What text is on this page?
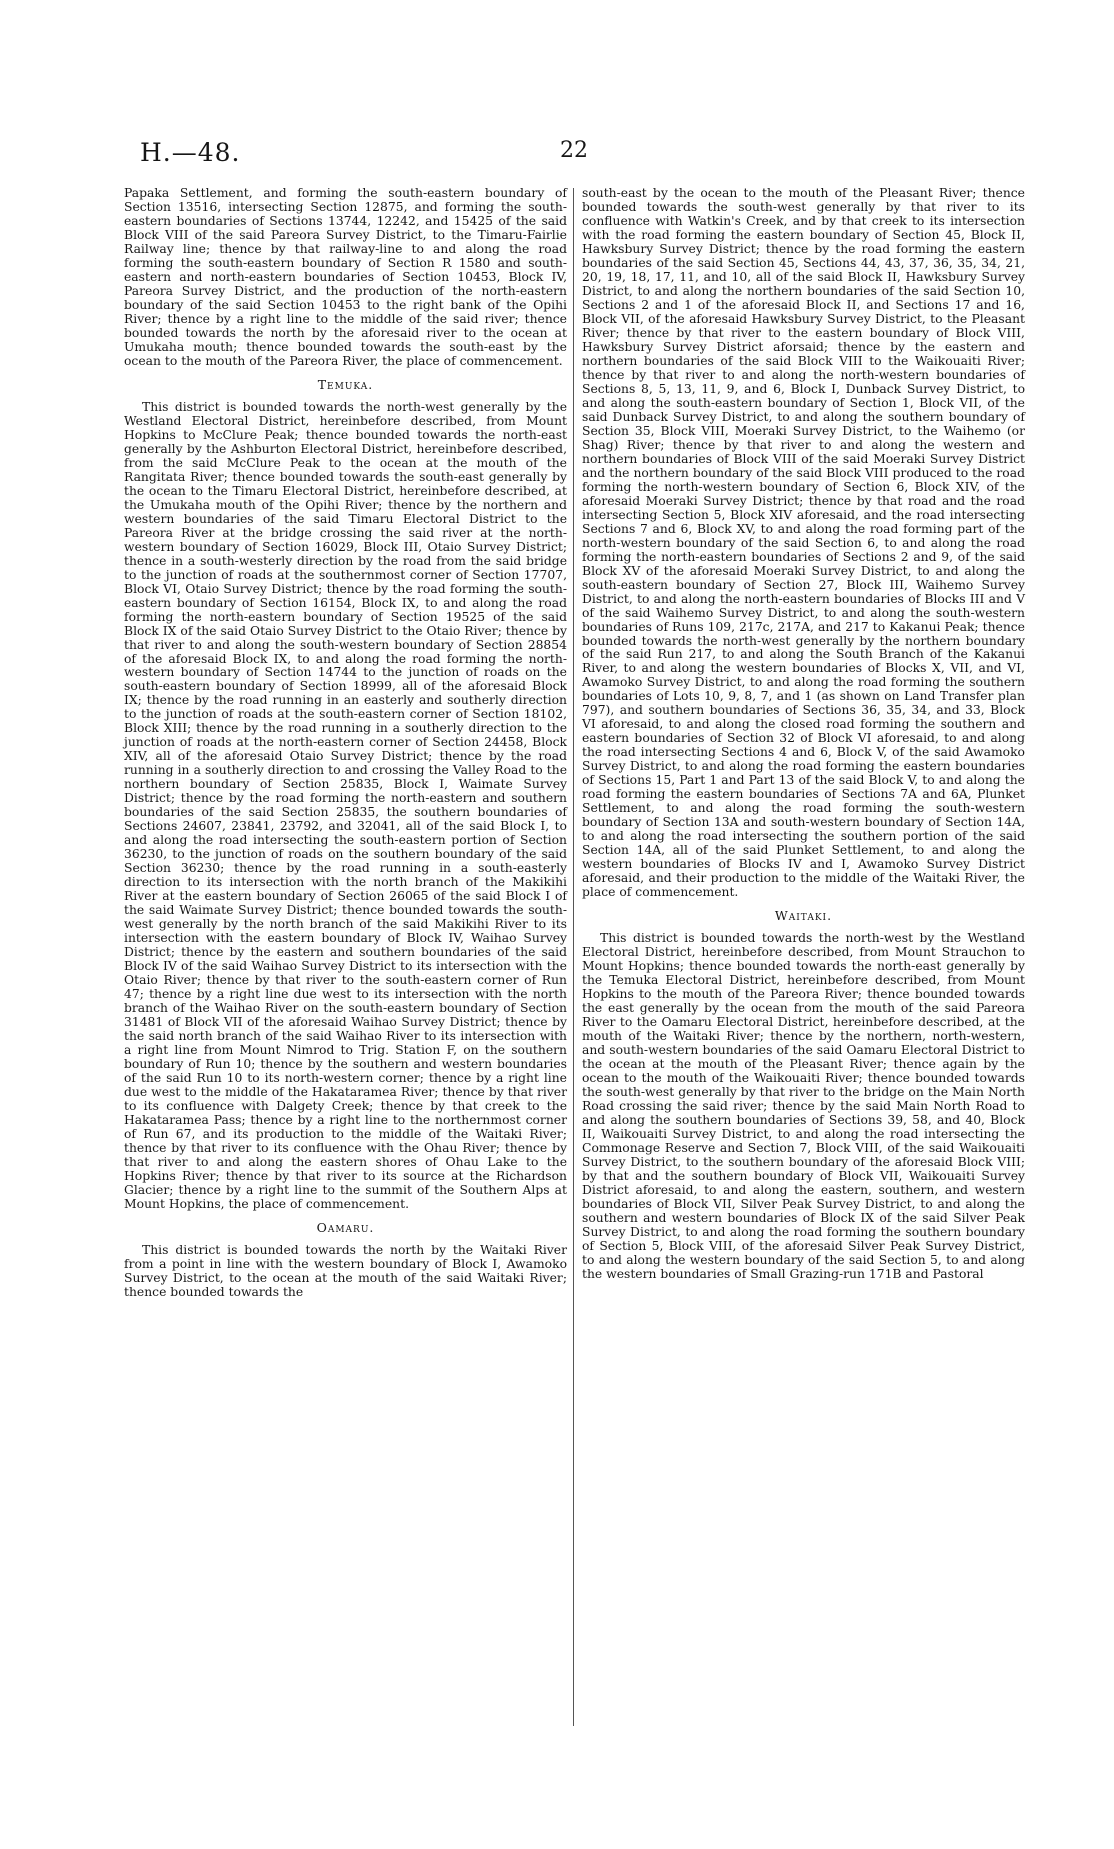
H.—48.	22

Papaka Settlement, and forming the south-eastern boundary of Section 13516, intersecting Section 12875, and forming the south-eastern boundaries of Sections 13744, 12242, and 15425 of the said Block VIII of the said Pareora Survey District, to the Timaru-Fairlie Railway line; thence by that railway-line to and along the road forming the south-eastern boundary of Section R 1580 and south-eastern and north-eastern boundaries of Section 10453, Block IV, Pareora Survey District, and the production of the north-eastern boundary of the said Section 10453 to the right bank of the Opihi River; thence by a right line to the middle of the said river; thence bounded towards the north by the aforesaid river to the ocean at Umukaha mouth; thence bounded towards the south-east by the ocean to the mouth of the Pareora River, the place of commencement.

Temuka.

This district is bounded towards the north-west generally by the Westland Electoral District, hereinbefore described, from Mount Hopkins to McClure Peak; thence bounded towards the north-east generally by the Ashburton Electoral District, hereinbefore described, from the said McClure Peak to the ocean at the mouth of the Rangitata River; thence bounded towards the south-east generally by the ocean to the Timaru Electoral District, hereinbefore described, at the Umukaha mouth of the Opihi River; thence by the northern and western boundaries of the said Timaru Electoral District to the Pareora River at the bridge crossing the said river at the north-western boundary of Section 16029, Block III, Otaio Survey District; thence in a south-westerly direction by the road from the said bridge to the junction of roads at the southernmost corner of Section 17707, Block VI, Otaio Survey District; thence by the road forming the south-eastern boundary of Section 16154, Block IX, to and along the road forming the north-eastern boundary of Section 19525 of the said Block IX of the said Otaio Survey District to the Otaio River; thence by that river to and along the south-western boundary of Section 28854 of the aforesaid Block IX, to and along the road forming the north-western boundary of Section 14744 to the junction of roads on the south-eastern boundary of Section 18999, all of the aforesaid Block IX; thence by the road running in an easterly and southerly direction to the junction of roads at the south-eastern corner of Section 18102, Block XIII; thence by the road running in a southerly direction to the junction of roads at the north-eastern corner of Section 24458, Block XIV, all of the aforesaid Otaio Survey District; thence by the road running in a southerly direction to and crossing the Valley Road to the northern boundary of Section 25835, Block I, Waimate Survey District; thence by the road forming the north-eastern and southern boundaries of the said Section 25835, the southern boundaries of Sections 24607, 23841, 23792, and 32041, all of the said Block I, to and along the road intersecting the south-eastern portion of Section 36230, to the junction of roads on the southern boundary of the said Section 36230; thence by the road running in a south-easterly direction to its intersection with the north branch of the Makikihi River at the eastern boundary of Section 26065 of the said Block I of the said Waimate Survey District; thence bounded towards the south-west generally by the north branch of the said Makikihi River to its intersection with the eastern boundary of Block IV, Waihao Survey District; thence by the eastern and southern boundaries of the said Block IV of the said Waihao Survey District to its intersection with the Otaio River; thence by that river to the south-eastern corner of Run 47; thence by a right line due west to its intersection with the north branch of the Waihao River on the south-eastern boundary of Section 31481 of Block VII of the aforesaid Waihao Survey District; thence by the said north branch of the said Waihao River to its intersection with a right line from Mount Nimrod to Trig. Station F, on the southern boundary of Run 10; thence by the southern and western boundaries of the said Run 10 to its north-western corner; thence by a right line due west to the middle of the Hakataramea River; thence by that river to its confluence with Dalgety Creek; thence by that creek to the Hakataramea Pass; thence by a right line to the northernmost corner of Run 67, and its production to the middle of the Waitaki River; thence by that river to its confluence with the Ohau River; thence by that river to and along the eastern shores of Ohau Lake to the Hopkins River; thence by that river to its source at the Richardson Glacier; thence by a right line to the summit of the Southern Alps at Mount Hopkins, the place of commencement.

Oamaru.

This district is bounded towards the north by the Waitaki River from a point in line with the western boundary of Block I, Awamoko Survey District, to the ocean at the mouth of the said Waitaki River; thence bounded towards the

south-east by the ocean to the mouth of the Pleasant River; thence bounded towards the south-west generally by that river to its confluence with Watkin's Creek, and by that creek to its intersection with the road forming the eastern boundary of Section 45, Block II, Hawksbury Survey District; thence by the road forming the eastern boundaries of the said Section 45, Sections 44, 43, 37, 36, 35, 34, 21, 20, 19, 18, 17, 11, and 10, all of the said Block II, Hawksbury Survey District, to and along the northern boundaries of the said Section 10, Sections 2 and 1 of the aforesaid Block II, and Sections 17 and 16, Block VII, of the aforesaid Hawksbury Survey District, to the Pleasant River; thence by that river to the eastern boundary of Block VIII, Hawksbury Survey District aforsaid; thence by the eastern and northern boundaries of the said Block VIII to the Waikouaiti River; thence by that river to and along the north-western boundaries of Sections 8, 5, 13, 11, 9, and 6, Block I, Dunback Survey District, to and along the south-eastern boundary of Section 1, Block VII, of the said Dunback Survey District, to and along the southern boundary of Section 35, Block VIII, Moeraki Survey District, to the Waihemo (or Shag) River; thence by that river to and along the western and northern boundaries of Block VIII of the said Moeraki Survey District and the northern boundary of the said Block VIII produced to the road forming the north-western boundary of Section 6, Block XIV, of the aforesaid Moeraki Survey District; thence by that road and the road intersecting Section 5, Block XIV aforesaid, and the road intersecting Sections 7 and 6, Block XV, to and along the road forming part of the north-western boundary of the said Section 6, to and along the road forming the north-eastern boundaries of Sections 2 and 9, of the said Block XV of the aforesaid Moeraki Survey District, to and along the south-eastern boundary of Section 27, Block III, Waihemo Survey District, to and along the north-eastern boundaries of Blocks III and V of the said Waihemo Survey District, to and along the south-western boundaries of Runs 109, 217c, 217A, and 217 to Kakanui Peak; thence bounded towards the north-west generally by the northern boundary of the said Run 217, to and along the South Branch of the Kakanui River, to and along the western boundaries of Blocks X, VII, and VI, Awamoko Survey District, to and along the road forming the southern boundaries of Lots 10, 9, 8, 7, and 1 (as shown on Land Transfer plan 797), and southern boundaries of Sections 36, 35, 34, and 33, Block VI aforesaid, to and along the closed road forming the southern and eastern boundaries of Section 32 of Block VI aforesaid, to and along the road intersecting Sections 4 and 6, Block V, of the said Awamoko Survey District, to and along the road forming the eastern boundaries of Sections 15, Part 1 and Part 13 of the said Block V, to and along the road forming the eastern boundaries of Sections 7A and 6A, Plunket Settlement, to and along the road forming the south-western boundary of Section 13A and south-western boundary of Section 14A, to and along the road intersecting the southern portion of the said Section 14A, all of the said Plunket Settlement, to and along the western boundaries of Blocks IV and I, Awamoko Survey District aforesaid, and their production to the middle of the Waitaki River, the place of commencement.

Waitaki.

This district is bounded towards the north-west by the Westland Electoral District, hereinbefore described, from Mount Strauchon to Mount Hopkins; thence bounded towards the north-east generally by the Temuka Electoral District, hereinbefore described, from Mount Hopkins to the mouth of the Pareora River; thence bounded towards the east generally by the ocean from the mouth of the said Pareora River to the Oamaru Electoral District, hereinbefore described, at the mouth of the Waitaki River; thence by the northern, north-western, and south-western boundaries of the said Oamaru Electoral District to the ocean at the mouth of the Pleasant River; thence again by the ocean to the mouth of the Waikouaiti River; thence bounded towards the south-west generally by that river to the bridge on the Main North Road crossing the said river; thence by the said Main North Road to and along the southern boundaries of Sections 39, 58, and 40, Block II, Waikouaiti Survey District, to and along the road intersecting the Commonage Reserve and Section 7, Block VIII, of the said Waikouaiti Survey District, to the southern boundary of the aforesaid Block VIII; by that and the southern boundary of Block VII, Waikouaiti Survey District aforesaid, to and along the eastern, southern, and western boundaries of Block VII, Silver Peak Survey District, to and along the southern and western boundaries of Block IX of the said Silver Peak Survey District, to and along the road forming the southern boundary of Section 5, Block VIII, of the aforesaid Silver Peak Survey District, to and along the western boundary of the said Section 5, to and along the western boundaries of Small Grazing-run 171B and Pastoral
